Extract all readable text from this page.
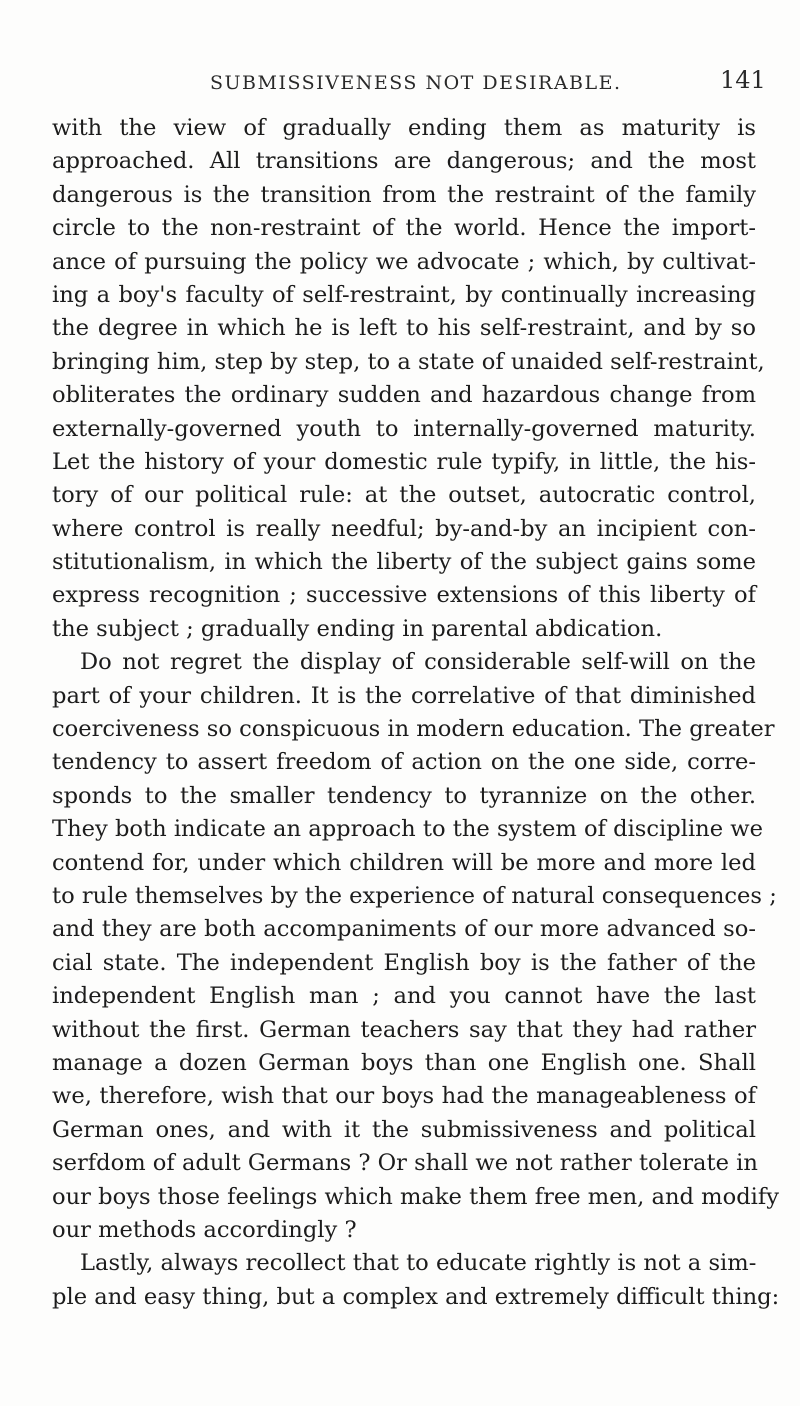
SUBMISSIVENESS NOT DESIRABLE.	141
with the view of gradually ending them as maturity is
approached. All transitions are dangerous; and the most
dangerous is the transition from the restraint of the family
circle to the non-restraint of the world. Hence the import-
ance of pursuing the policy we advocate ; which, by cultivat-
ing a boy's faculty of self-restraint, by continually increasing
the degree in which he is left to his self-restraint, and by so
bringing him, step by step, to a state of unaided self-restraint,
obliterates the ordinary sudden and hazardous change from
externally-governed youth to internally-governed maturity.
Let the history of your domestic rule typify, in little, the his-
tory of our political rule: at the outset, autocratic control,
where control is really needful; by-and-by an incipient con-
stitutionalism, in which the liberty of the subject gains some
express recognition ; successive extensions of this liberty of
the subject ; gradually ending in parental abdication.
Do not regret the display of considerable self-will on the
part of your children. It is the correlative of that diminished
coerciveness so conspicuous in modern education. The greater
tendency to assert freedom of action on the one side, corre-
sponds to the smaller tendency to tyrannize on the other.
They both indicate an approach to the system of discipline we
contend for, under which children will be more and more led
to rule themselves by the experience of natural consequences ;
and they are both accompaniments of our more advanced so-
cial state. The independent English boy is the father of the
independent English man ; and you cannot have the last
without the first. German teachers say that they had rather
manage a dozen German boys than one English one. Shall
we, therefore, wish that our boys had the manageableness of
German ones, and with it the submissiveness and political
serfdom of adult Germans ? Or shall we not rather tolerate in
our boys those feelings which make them free men, and modify
our methods accordingly ?
Lastly, always recollect that to educate rightly is not a sim-
ple and easy thing, but a complex and extremely difficult thing:
